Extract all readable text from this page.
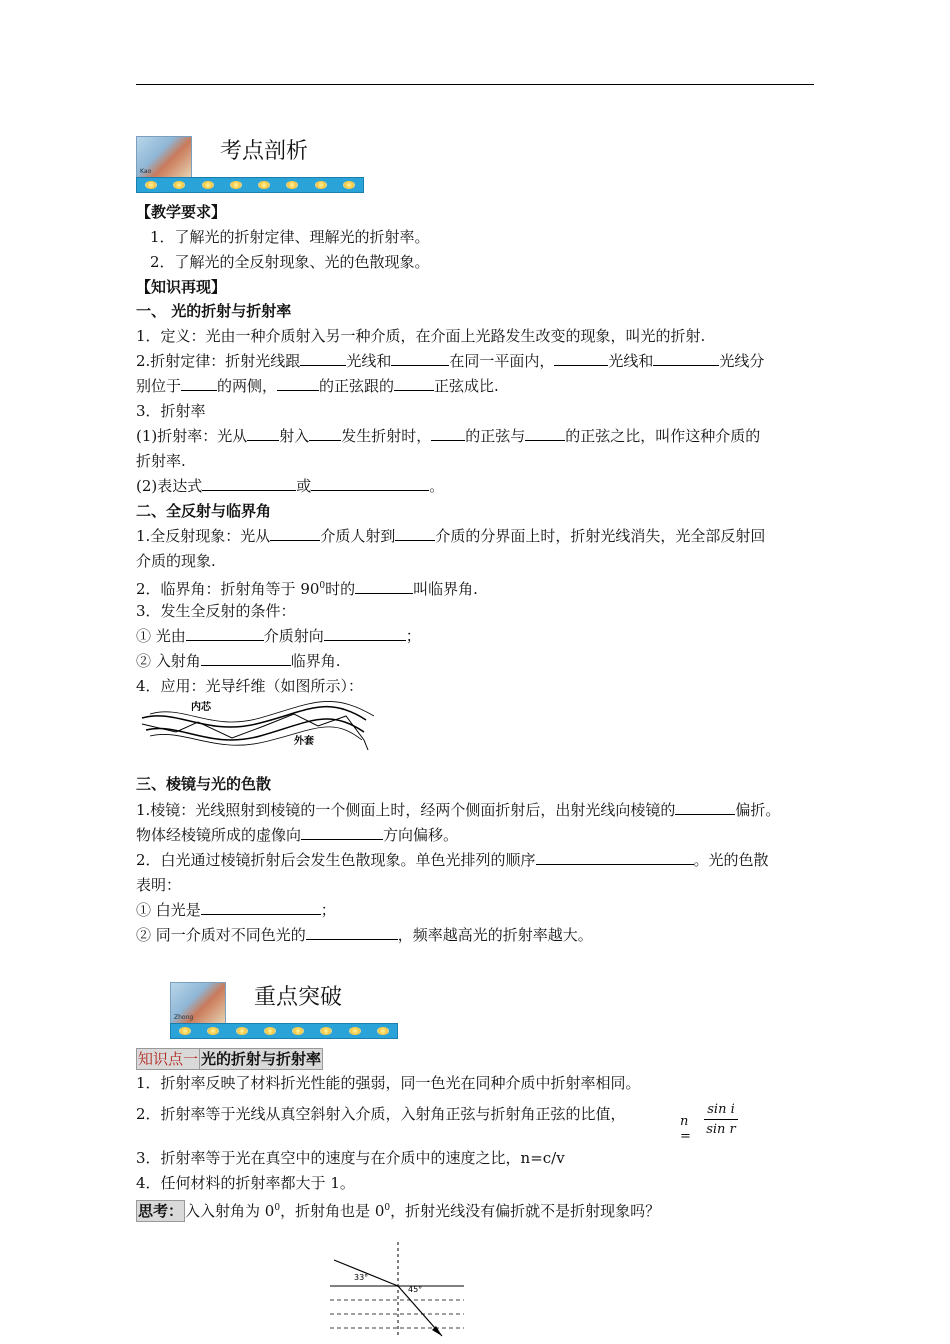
Kao
考点剖析
【教学要求】
1．了解光的折射定律、理解光的折射率。
2．了解光的全反射现象、光的色散现象。
【知识再现】
一、 光的折射与折射率
1．定义：光由一种介质射入另一种介质，在介面上光路发生改变的现象，叫光的折射.
2.折射定律：折射光线跟	光线和	在同一平面内，	光线和	光线分
别位于 的两侧，	的正弦跟的	正弦成比.
3．折射率
(1)折射率：光从 射入 发生折射时， 的正弦与	的正弦之比，叫作这种介质的
折射率.
(2)表达式	或	。
二、全反射与临界角
1.全反射现象：光从	介质人射到	介质的分界面上时，折射光线消失，光全部反射回
介质的现象.
2．临界角：折射角等于 $90^0$时的	叫临界角.
3．发生全反射的条件：
① 光由	介质射向	；
② 入射角	临界角.
4．应用：光导纤维（如图所示）：
内芯
外套
三、棱镜与光的色散
1.棱镜：光线照射到棱镜的一个侧面上时，经两个侧面折射后，出射光线向棱镜的	偏折。
物体经棱镜所成的虚像向	方向偏移。
2．白光通过棱镜折射后会发生色散现象。单色光排列的顺序	。光的色散
表明：
① 白光是	；
② 同一介质对不同色光的	，频率越高光的折射率越大。
Zhong
重点突破
知识点一 光的折射与折射率
1．折射率反映了材料折光性能的强弱，同一色光在同种介质中折射率相同。
2．折射率等于光线从真空斜射入介质，入射角正弦与折射角正弦的比值，	$n = \frac{\text{sin i}}{\text{sin r}}$
3．折射率等于光在真空中的速度与在介质中的速度之比，n=c/v
4．任何材料的折射率都大于 1。
思考： 入入射角为 $0^0$，折射角也是 $0^0$，折射光线没有偏折就不是折射现象吗？
33°
45°
